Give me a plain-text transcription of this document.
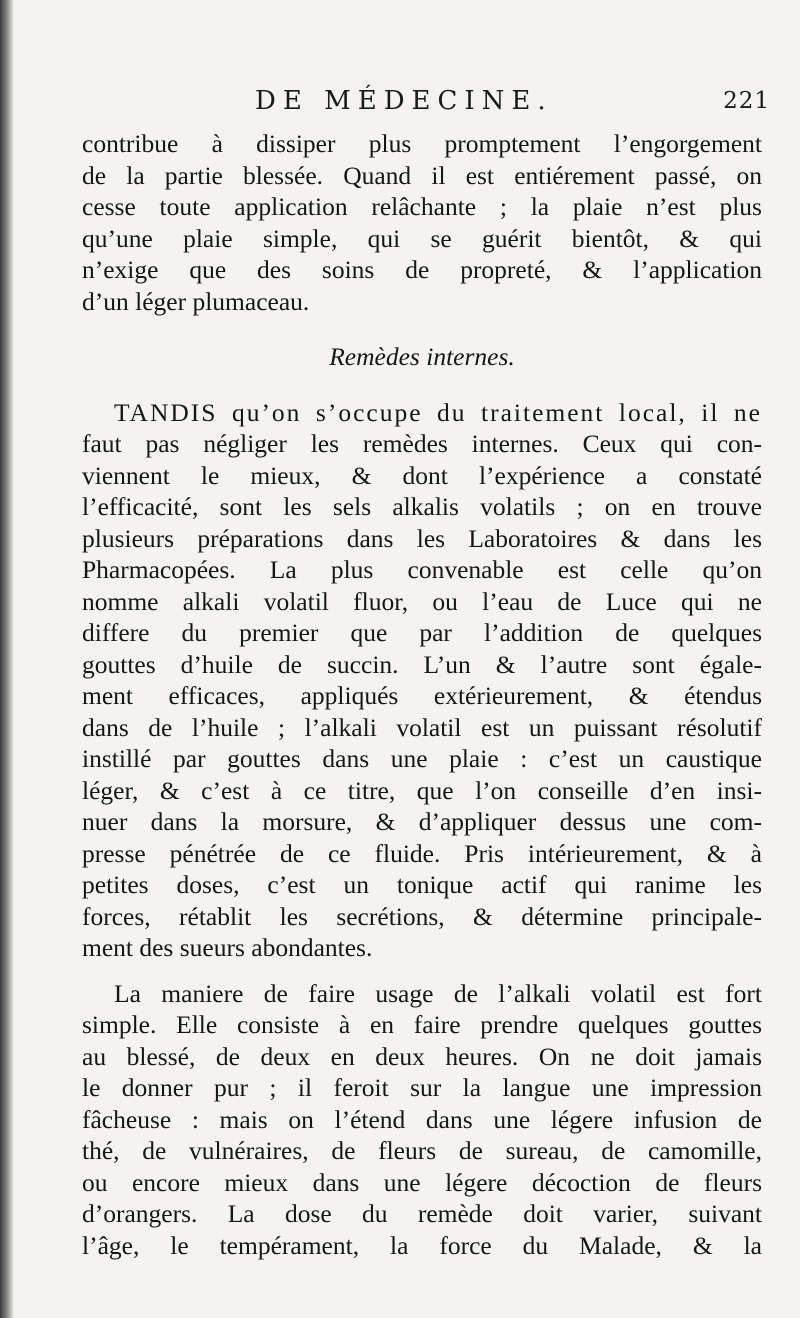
DE MÉDECINE.	221
contribue à dissiper plus promptement l’engorgement
de la partie blessée. Quand il est entiérement passé, on
cesse toute application relâchante ; la plaie n’est plus
qu’une plaie simple, qui se guérit bientôt, & qui
n’exige que des soins de propreté, & l’application
d’un léger plumaceau.
Remèdes internes.
TANDIS qu’on s’occupe du traitement local, il ne
faut pas négliger les remèdes internes. Ceux qui con-
viennent le mieux, & dont l’expérience a constaté
l’efficacité, sont les sels alkalis volatils ; on en trouve
plusieurs préparations dans les Laboratoires & dans les
Pharmacopées. La plus convenable est celle qu’on
nomme alkali volatil fluor, ou l’eau de Luce qui ne
differe du premier que par l’addition de quelques
gouttes d’huile de succin. L’un & l’autre sont égale-
ment efficaces, appliqués extérieurement, & étendus
dans de l’huile ; l’alkali volatil est un puissant résolutif
instillé par gouttes dans une plaie : c’est un caustique
léger, & c’est à ce titre, que l’on conseille d’en insi-
nuer dans la morsure, & d’appliquer dessus une com-
presse pénétrée de ce fluide. Pris intérieurement, & à
petites doses, c’est un tonique actif qui ranime les
forces, rétablit les secrétions, & détermine principale-
ment des sueurs abondantes.
La maniere de faire usage de l’alkali volatil est fort
simple. Elle consiste à en faire prendre quelques gouttes
au blessé, de deux en deux heures. On ne doit jamais
le donner pur ; il feroit sur la langue une impression
fâcheuse : mais on l’étend dans une légere infusion de
thé, de vulnéraires, de fleurs de sureau, de camomille,
ou encore mieux dans une légere décoction de fleurs
d’orangers. La dose du remède doit varier, suivant
l’âge, le tempérament, la force du Malade, & la
